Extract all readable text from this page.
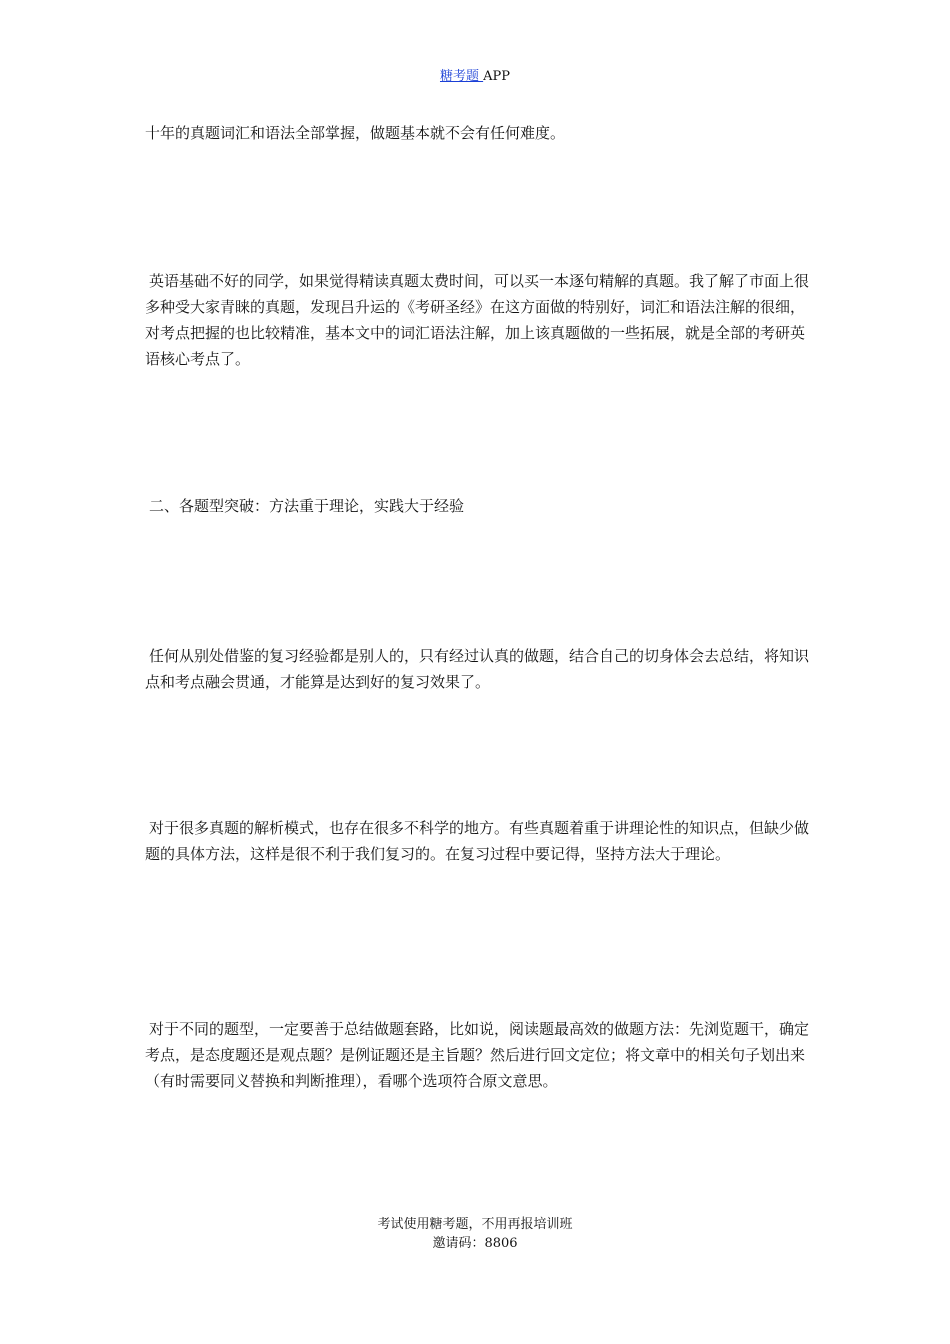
糖考题 APP

十年的真题词汇和语法全部掌握，做题基本就不会有任何难度。

英语基础不好的同学，如果觉得精读真题太费时间，可以买一本逐句精解的真题。我了解了市面上很多种受大家青睐的真题，发现吕升运的《考研圣经》在这方面做的特别好，词汇和语法注解的很细，对考点把握的也比较精准，基本文中的词汇语法注解，加上该真题做的一些拓展，就是全部的考研英语核心考点了。

二、各题型突破：方法重于理论，实践大于经验

任何从别处借鉴的复习经验都是别人的，只有经过认真的做题，结合自己的切身体会去总结，将知识点和考点融会贯通，才能算是达到好的复习效果了。

对于很多真题的解析模式，也存在很多不科学的地方。有些真题着重于讲理论性的知识点，但缺少做题的具体方法，这样是很不利于我们复习的。在复习过程中要记得，坚持方法大于理论。

对于不同的题型，一定要善于总结做题套路，比如说，阅读题最高效的做题方法：先浏览题干，确定考点，是态度题还是观点题？是例证题还是主旨题？然后进行回文定位；将文章中的相关句子划出来（有时需要同义替换和判断推理），看哪个选项符合原文意思。

考试使用糖考题，不用再报培训班
邀请码：8806
